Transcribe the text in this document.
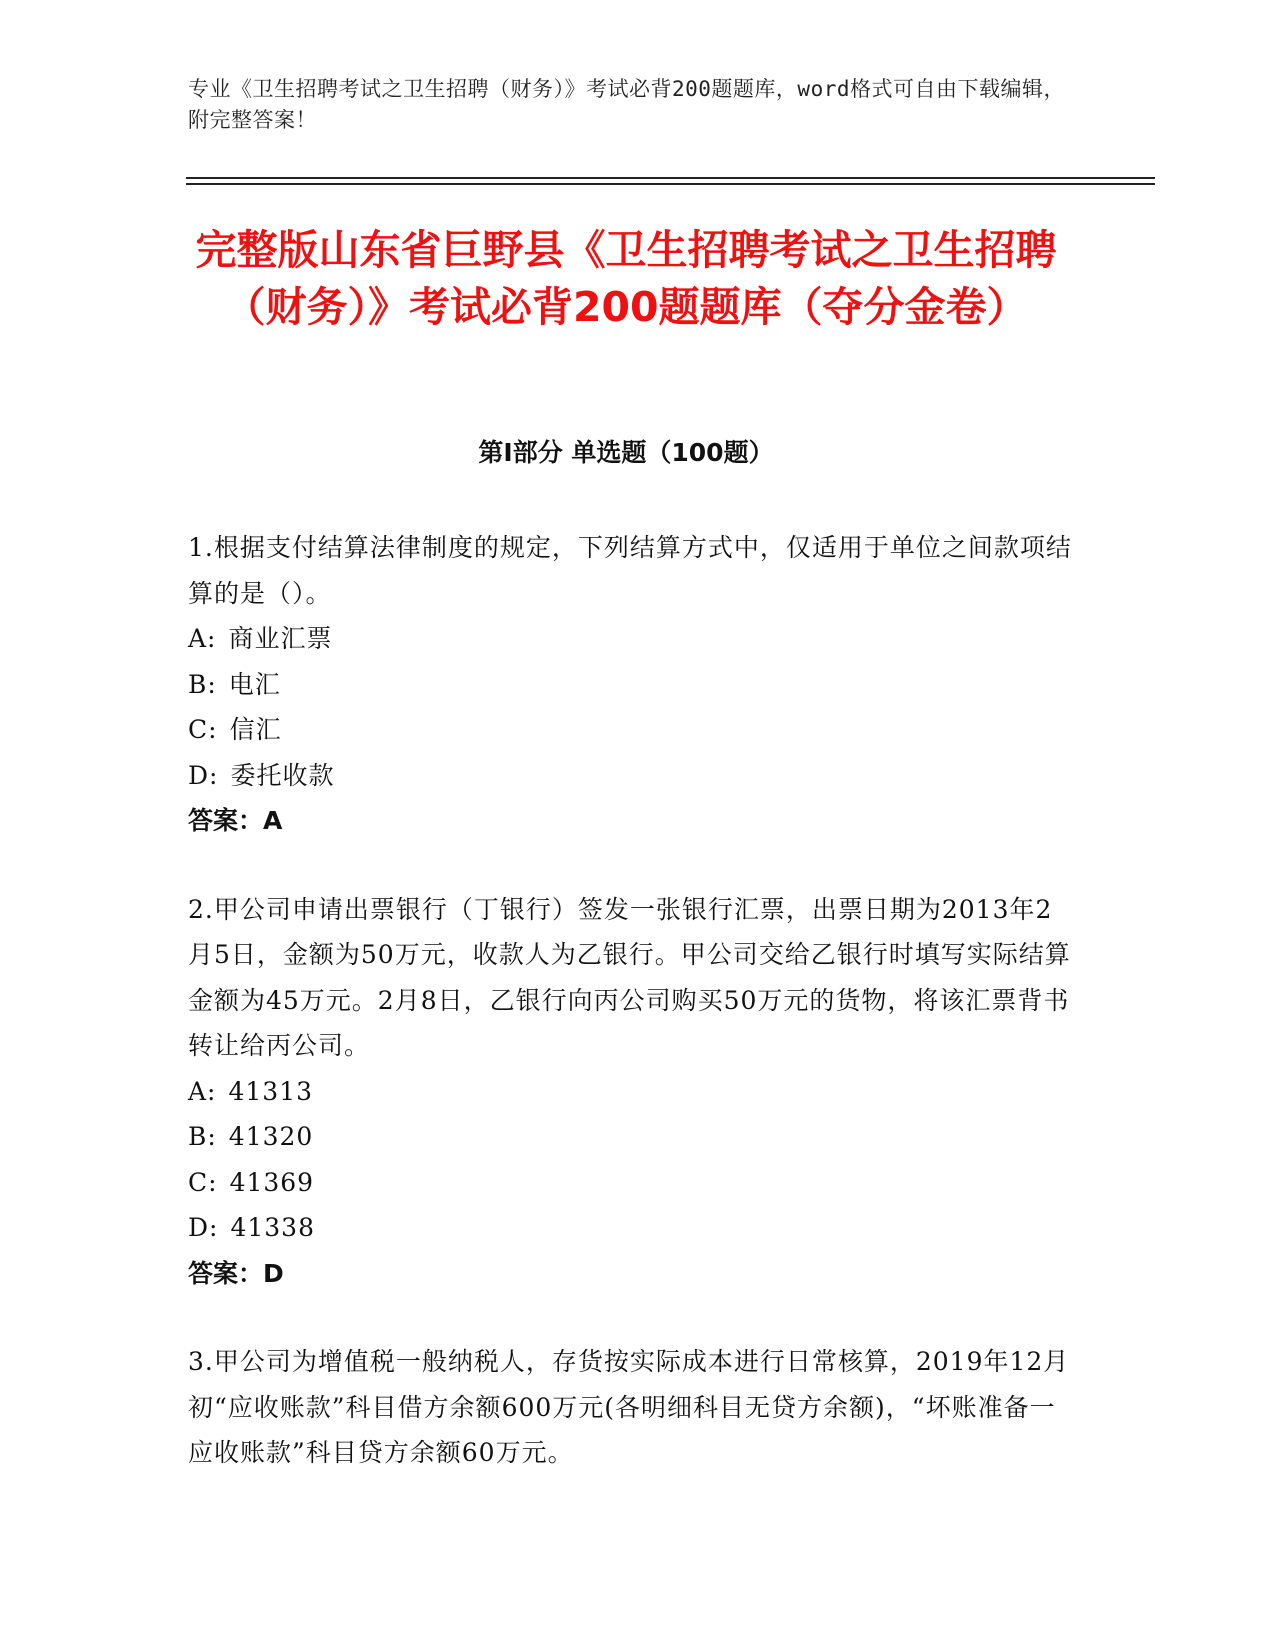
专业《卫生招聘考试之卫生招聘（财务）》考试必背200题题库，word格式可自由下载编辑，附完整答案！
完整版山东省巨野县《卫生招聘考试之卫生招聘（财务）》考试必背200题题库（夺分金卷）
第Ⅰ部分 单选题（100题）
1.根据支付结算法律制度的规定，下列结算方式中，仅适用于单位之间款项结算的是（）。
A: 商业汇票
B: 电汇
C: 信汇
D: 委托收款
答案：A
2.甲公司申请出票银行（丁银行）签发一张银行汇票，出票日期为2013年2月5日，金额为50万元，收款人为乙银行。甲公司交给乙银行时填写实际结算金额为45万元。2月8日，乙银行向丙公司购买50万元的货物，将该汇票背书转让给丙公司。
A: 41313
B: 41320
C: 41369
D: 41338
答案：D
3.甲公司为增值税一般纳税人，存货按实际成本进行日常核算，2019年12月初“应收账款”科目借方余额600万元(各明细科目无贷方余额)，“坏账准备一应收账款”科目贷方余额60万元。
